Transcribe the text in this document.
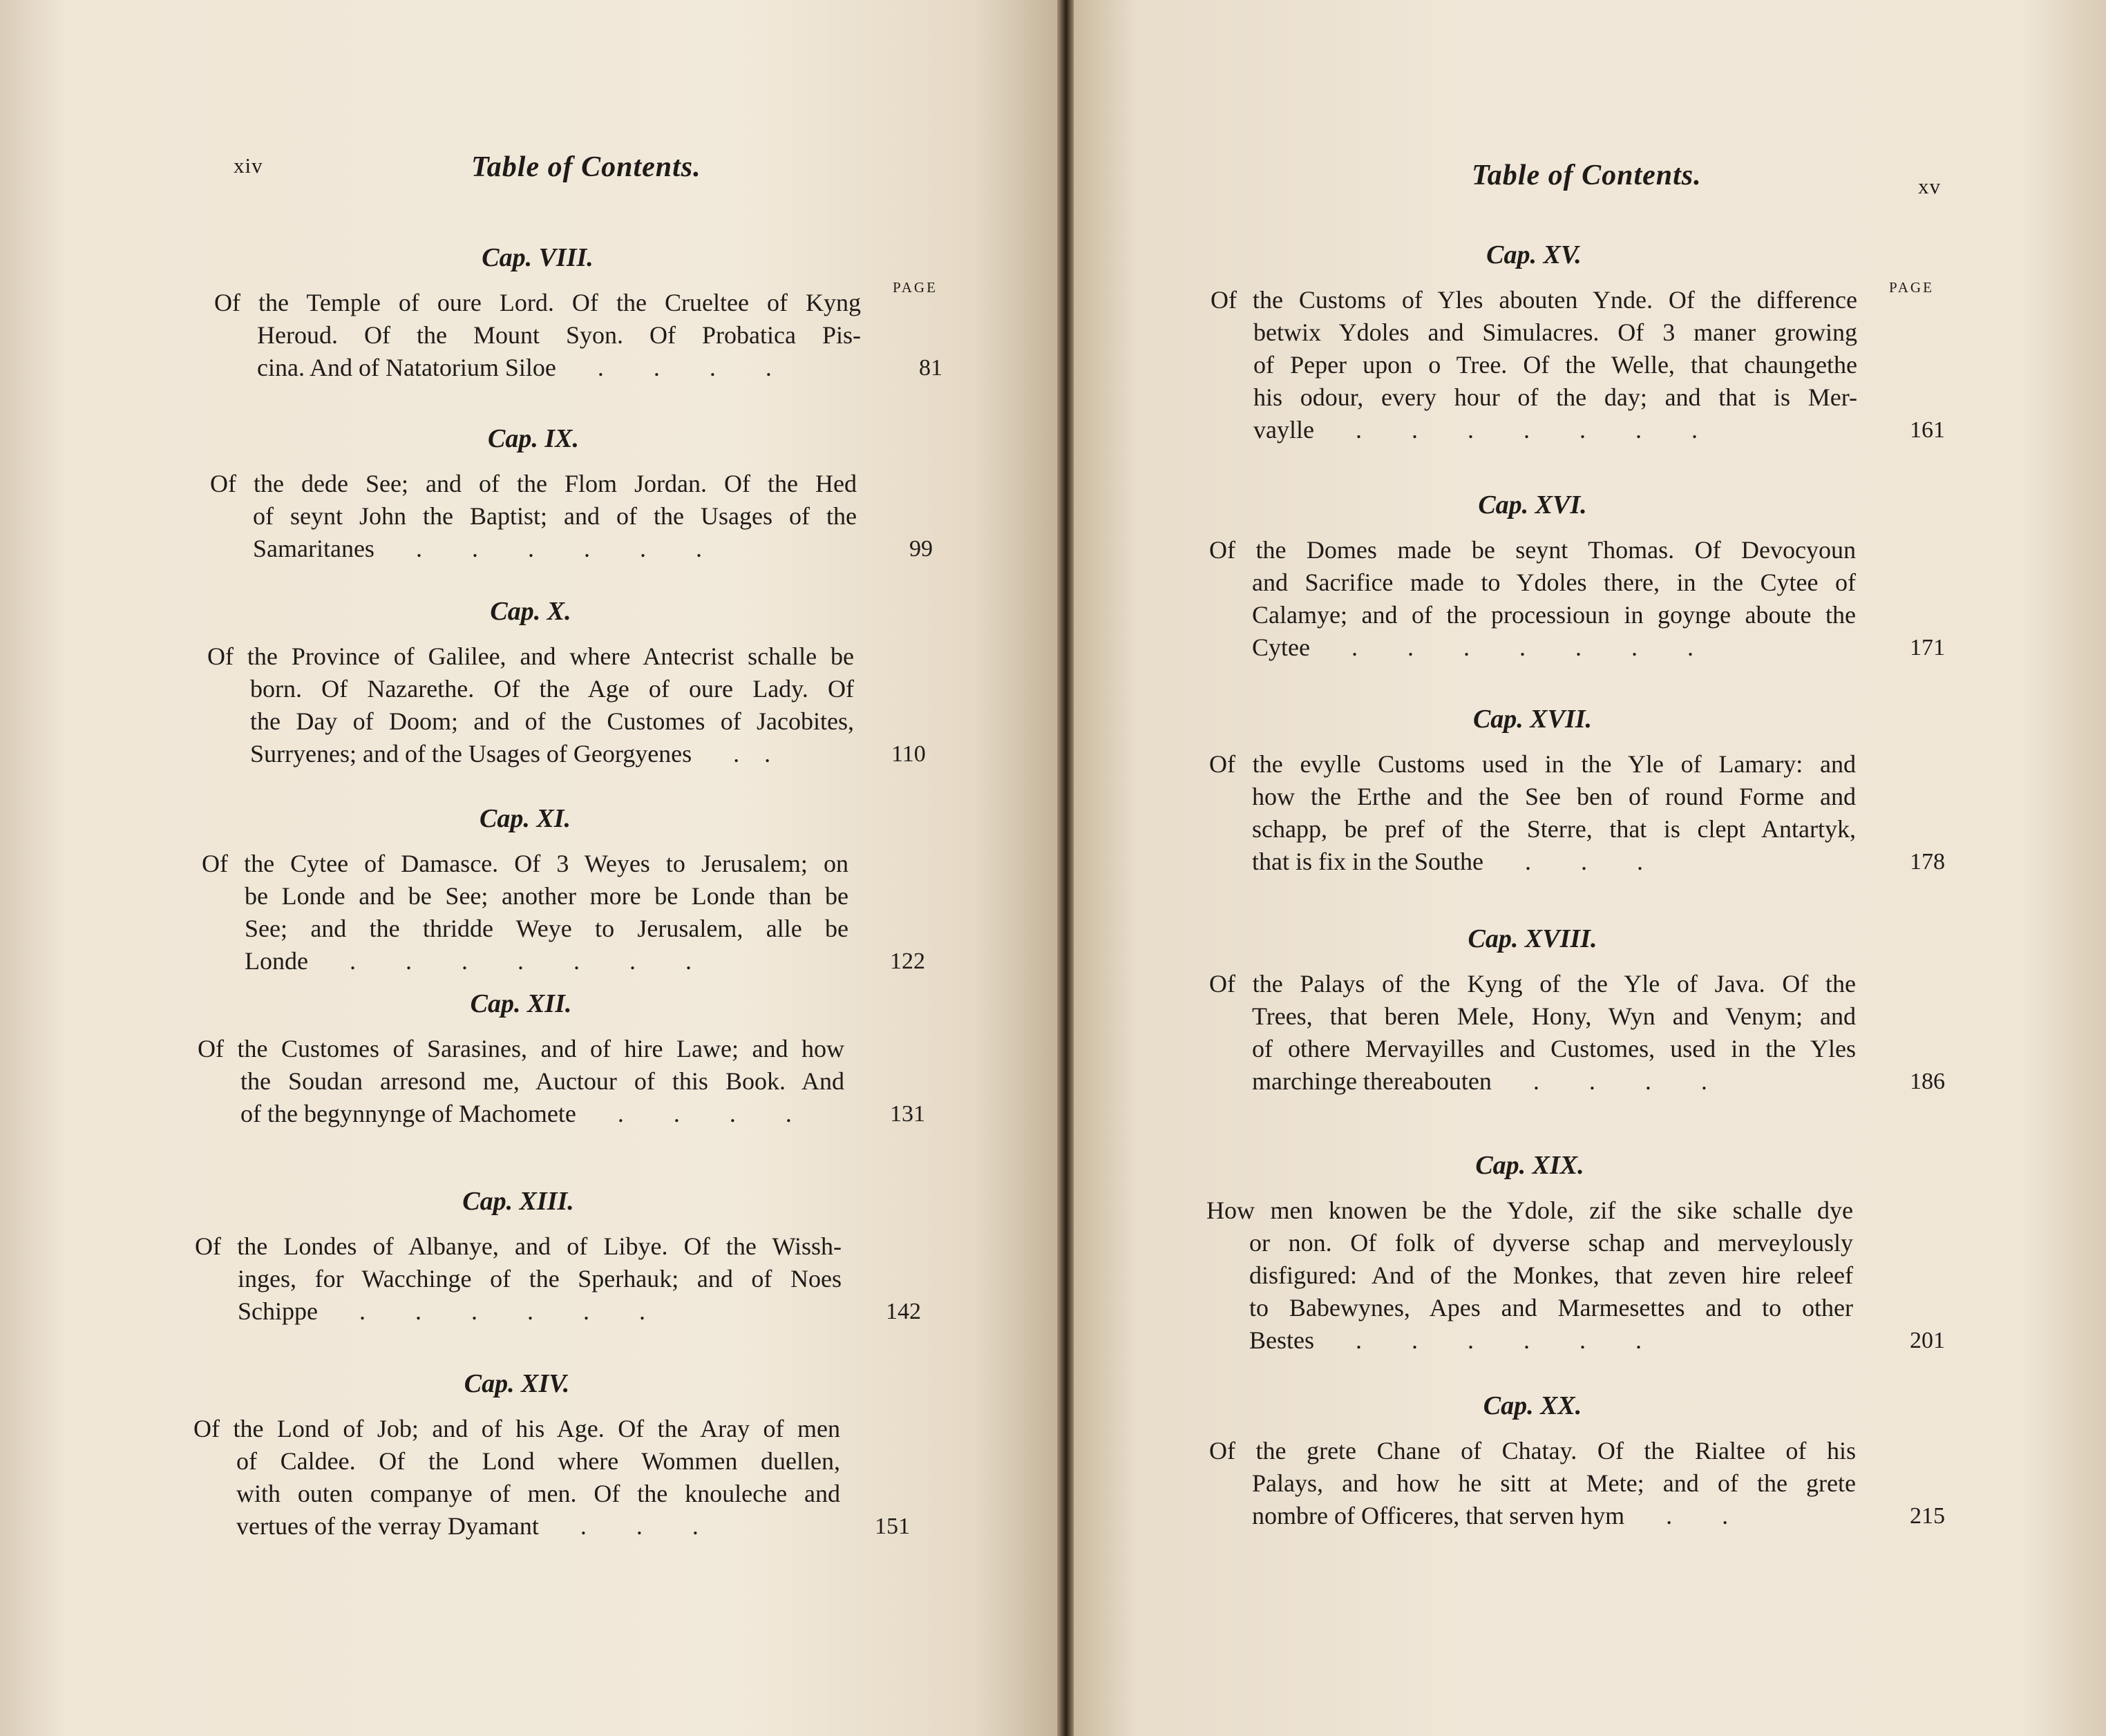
xiv	Table of Contents.
PAGE
Cap. VIII.
Of the Temple of oure Lord. Of the Crueltee of Kyng
Heroud. Of the Mount Syon. Of Probatica Pis-
cina. And of Natatorium Siloe .        .        .        .	81
Cap. IX.
Of the dede See; and of the Flom Jordan. Of the Hed
of seynt John the Baptist; and of the Usages of the
Samaritanes .        .        .        .        .        .	99
Cap. X.
Of the Province of Galilee, and where Antecrist schalle be
born. Of Nazarethe. Of the Age of oure Lady. Of
the Day of Doom; and of the Customes of Jacobites,
Surryenes; and of the Usages of Georgyenes .    .	110
Cap. XI.
Of the Cytee of Damasce. Of 3 Weyes to Jerusalem; on
be Londe and be See; another more be Londe than be
See; and the thridde Weye to Jerusalem, alle be
Londe .        .        .        .        .        .        .	122
Cap. XII.
Of the Customes of Sarasines, and of hire Lawe; and how
the Soudan arresond me, Auctour of this Book. And
of the begynnynge of Machomete .        .        .        .	131
Cap. XIII.
Of the Londes of Albanye, and of Libye. Of the Wissh-
inges, for Wacchinge of the Sperhauk; and of Noes
Schippe .        .        .        .        .        .	142
Cap. XIV.
Of the Lond of Job; and of his Age. Of the Aray of men
of Caldee. Of the Lond where Wommen duellen,
with outen companye of men. Of the knouleche and
vertues of the verray Dyamant .        .        .	151
Table of Contents.	xv
PAGE
Cap. XV.
Of the Customs of Yles abouten Ynde. Of the difference
betwix Ydoles and Simulacres. Of 3 maner growing
of Peper upon o Tree. Of the Welle, that chaungethe
his odour, every hour of the day; and that is Mer-
vaylle .        .        .        .        .        .        .	161
Cap. XVI.
Of the Domes made be seynt Thomas. Of Devocyoun
and Sacrifice made to Ydoles there, in the Cytee of
Calamye; and of the processioun in goynge aboute the
Cytee .        .        .        .        .        .        .	171
Cap. XVII.
Of the evylle Customs used in the Yle of Lamary: and
how the Erthe and the See ben of round Forme and
schapp, be pref of the Sterre, that is clept Antartyk,
that is fix in the Southe .        .        .	178
Cap. XVIII.
Of the Palays of the Kyng of the Yle of Java. Of the
Trees, that beren Mele, Hony, Wyn and Venym; and
of othere Mervayilles and Customes, used in the Yles
marchinge thereabouten .        .        .        .	186
Cap. XIX.
How men knowen be the Ydole, zif the sike schalle dye
or non. Of folk of dyverse schap and merveylously
disfigured: And of the Monkes, that zeven hire releef
to Babewynes, Apes and Marmesettes and to other
Bestes .        .        .        .        .        .	201
Cap. XX.
Of the grete Chane of Chatay. Of the Rialtee of his
Palays, and how he sitt at Mete; and of the grete
nombre of Officeres, that serven hym .        .	215
